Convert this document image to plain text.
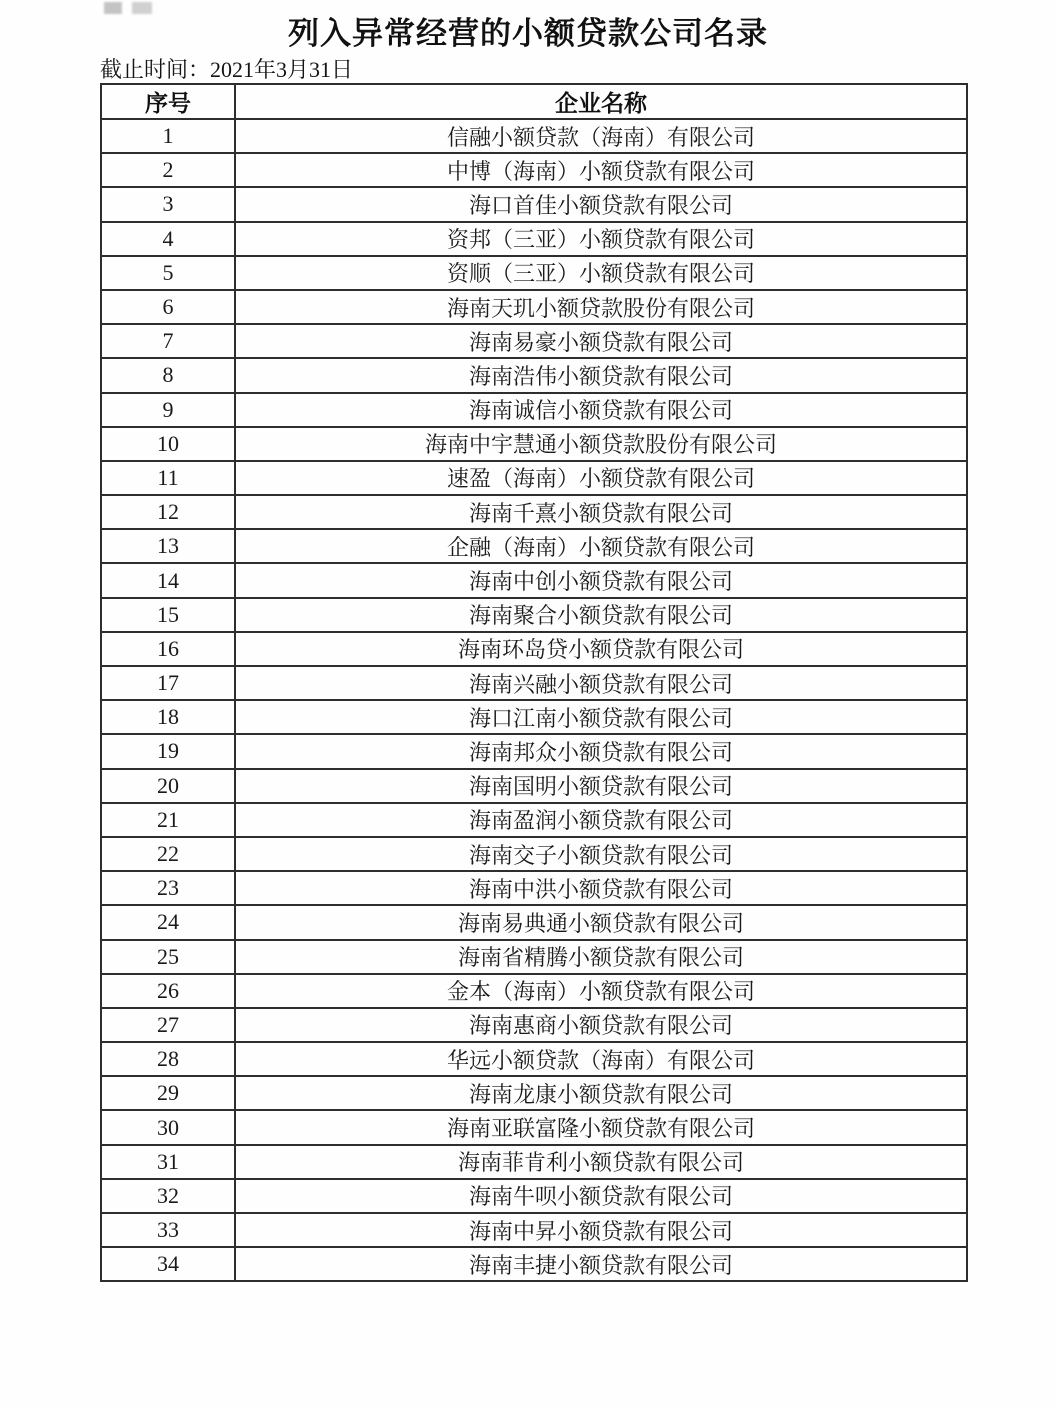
列入异常经营的小额贷款公司名录
截止时间：2021年3月31日
序号	企业名称
1	信融小额贷款（海南）有限公司
2	中博（海南）小额贷款有限公司
3	海口首佳小额贷款有限公司
4	资邦（三亚）小额贷款有限公司
5	资顺（三亚）小额贷款有限公司
6	海南天玑小额贷款股份有限公司
7	海南易豪小额贷款有限公司
8	海南浩伟小额贷款有限公司
9	海南诚信小额贷款有限公司
10	海南中宇慧通小额贷款股份有限公司
11	速盈（海南）小额贷款有限公司
12	海南千熹小额贷款有限公司
13	企融（海南）小额贷款有限公司
14	海南中创小额贷款有限公司
15	海南聚合小额贷款有限公司
16	海南环岛贷小额贷款有限公司
17	海南兴融小额贷款有限公司
18	海口江南小额贷款有限公司
19	海南邦众小额贷款有限公司
20	海南国明小额贷款有限公司
21	海南盈润小额贷款有限公司
22	海南交子小额贷款有限公司
23	海南中洪小额贷款有限公司
24	海南易典通小额贷款有限公司
25	海南省精腾小额贷款有限公司
26	金本（海南）小额贷款有限公司
27	海南惠商小额贷款有限公司
28	华远小额贷款（海南）有限公司
29	海南龙康小额贷款有限公司
30	海南亚联富隆小额贷款有限公司
31	海南菲肯利小额贷款有限公司
32	海南牛呗小额贷款有限公司
33	海南中昇小额贷款有限公司
34	海南丰捷小额贷款有限公司
